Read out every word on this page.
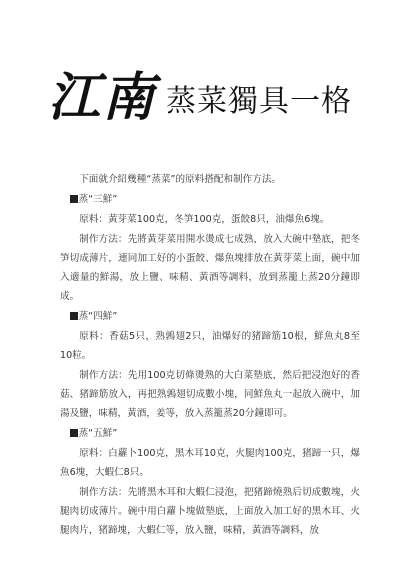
江南 蒸菜獨具一格

下面就介紹幾種“蒸菜”的原料搭配和制作方法。

蒸“三鮮”

原料：黃芽菜100克，冬笋100克，蛋餃8只，油爆魚6塊。

制作方法：先將黃芽菜用開水燙成七成熟，放入大碗中墊底，把冬笋切成薄片，連同加工好的小蛋餃、爆魚塊排放在黃芽菜上面，碗中加入適量的鮮湯，放上鹽、味精、黃酒等調料，放到蒸籠上蒸20分鐘即成。

蒸“四鮮”

原料：香菇5只，熟鶉翅2只，油爆好的猪蹄筋10根，鮮魚丸8至10粒。

制作方法：先用100克切條燙熟的大白菜墊底，然后把浸泡好的香菇、猪蹄筋放入，再把熟鶉翅切成數小塊，同鮮魚丸一起放入碗中，加湯及鹽，味精，黃酒，姜等，放入蒸籠蒸20分鐘即可。

蒸“五鮮”

原料：白蘿卜100克，黑木耳10克，火腿肉100克，猪蹄一只，爆魚6塊，大蝦仁8只。

制作方法：先將黑木耳和大蝦仁浸泡，把猪蹄燒熟后切成數塊，火腿肉切成薄片。碗中用白蘿卜塊做墊底，上面放入加工好的黑木耳、火腿肉片，猪蹄塊，大蝦仁等，放入鹽，味精，黃酒等調料，放
